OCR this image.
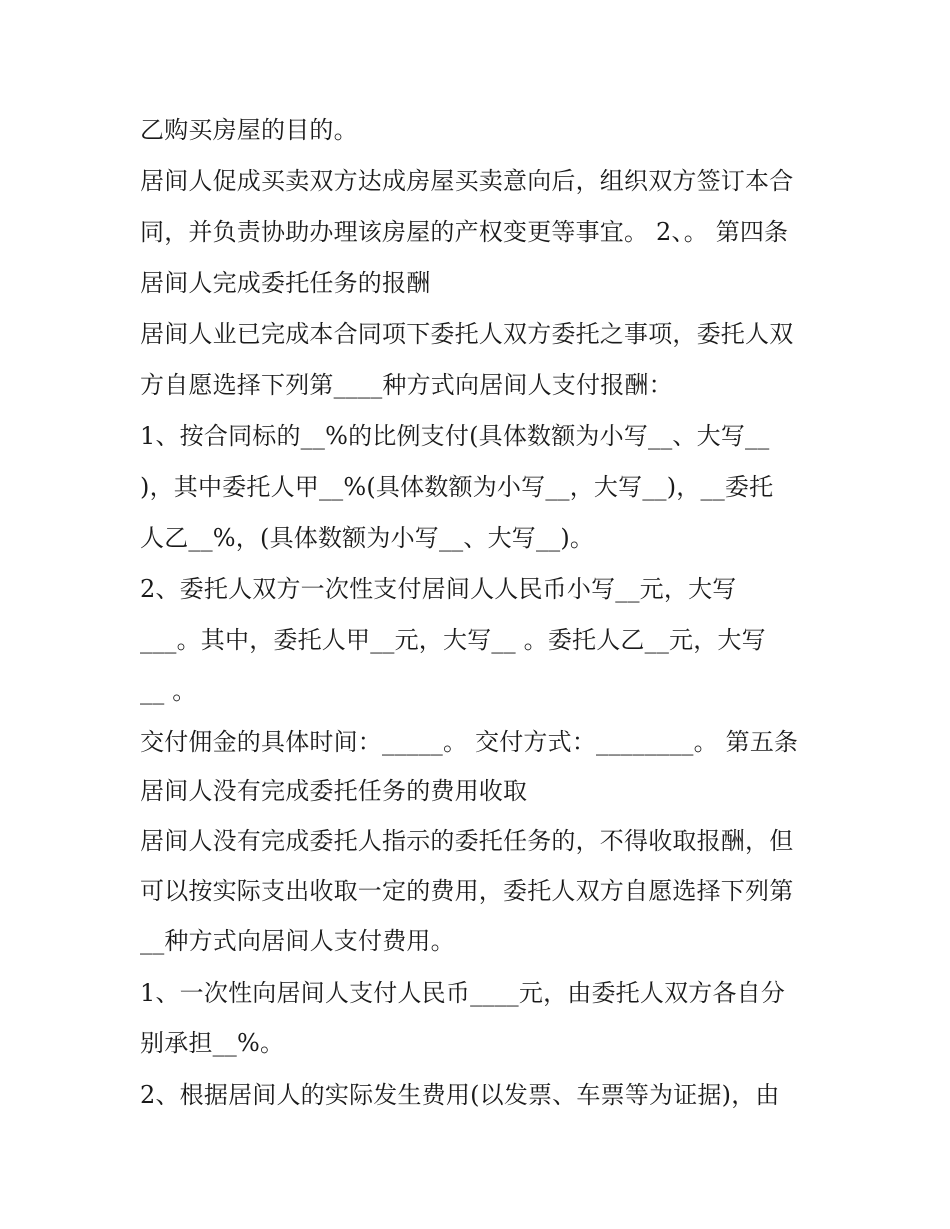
乙购买房屋的目的。
居间人促成买卖双方达成房屋买卖意向后，组织双方签订本合
同，并负责协助办理该房屋的产权变更等事宜。 2、。 第四条
居间人完成委托任务的报酬
居间人业已完成本合同项下委托人双方委托之事项，委托人双
方自愿选择下列第____种方式向居间人支付报酬：
1、按合同标的__%的比例支付(具体数额为小写__、大写__
)，其中委托人甲__%(具体数额为小写__，大写__)，__委托
人乙__%，(具体数额为小写__、大写__)。
2、委托人双方一次性支付居间人人民币小写__元，大写
___。其中，委托人甲__元，大写__ 。委托人乙__元，大写
__ 。
交付佣金的具体时间：_____。 交付方式：________。 第五条
居间人没有完成委托任务的费用收取
居间人没有完成委托人指示的委托任务的，不得收取报酬，但
可以按实际支出收取一定的费用，委托人双方自愿选择下列第
__种方式向居间人支付费用。
1、一次性向居间人支付人民币____元，由委托人双方各自分
别承担__%。
2、根据居间人的实际发生费用(以发票、车票等为证据)，由
